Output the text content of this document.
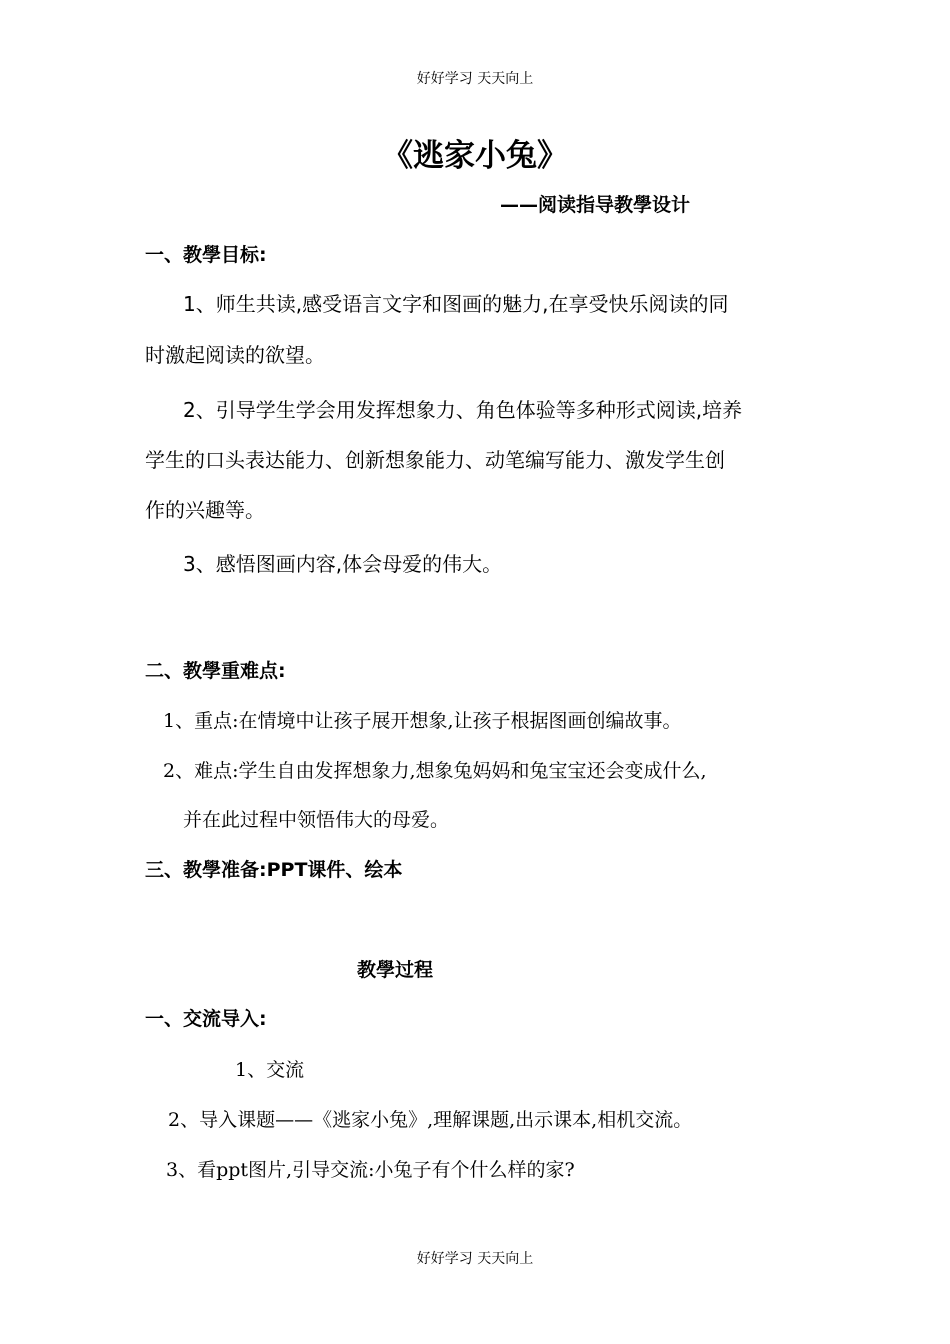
好好学习 天天向上
《逃家小兔》
——阅读指导教學设计
一、教學目标:
1、师生共读,感受语言文字和图画的魅力,在享受快乐阅读的同
时激起阅读的欲望。
2、引导学生学会用发挥想象力、角色体验等多种形式阅读,培养
学生的口头表达能力、创新想象能力、动笔编写能力、激发学生创
作的兴趣等。
3、感悟图画内容,体会母爱的伟大。
二、教學重难点:
1、重点:在情境中让孩子展开想象,让孩子根据图画创编故事。
2、难点:学生自由发挥想象力,想象兔妈妈和兔宝宝还会变成什么,
并在此过程中领悟伟大的母爱。
三、教學准备:PPT课件、绘本
教學过程
一、交流导入:
1、交流
2、导入课题——《逃家小兔》,理解课题,出示课本,相机交流。
3、看ppt图片,引导交流:小兔子有个什么样的家?
好好学习 天天向上
